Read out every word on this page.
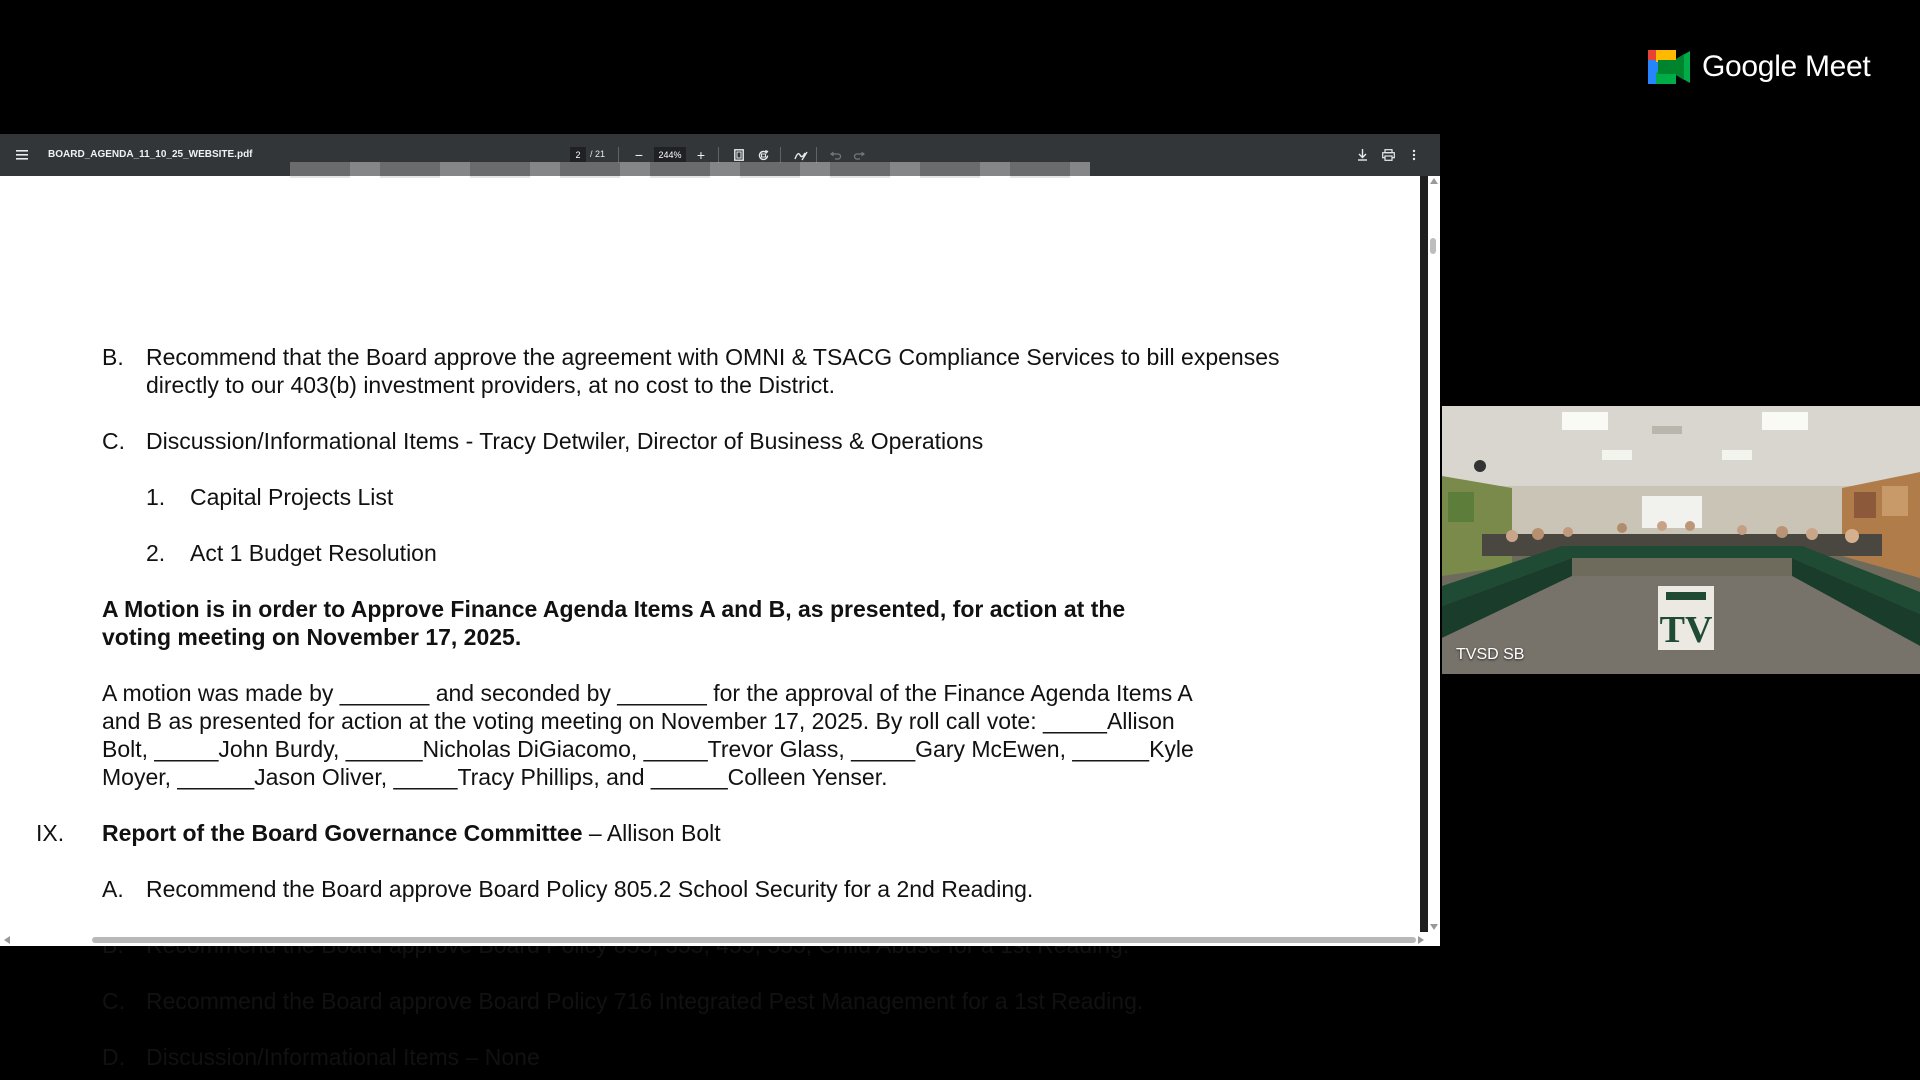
Google Meet
BOARD_AGENDA_11_10_25_WEBSITE.pdf	2	/ 21 −	244%	+
B. Recommend that the Board approve the agreement with OMNI & TSACG Compliance Services to bill expenses
directly to our 403(b) investment providers, at no cost to the District.
C. Discussion/Informational Items - Tracy Detwiler, Director of Business & Operations
1. Capital Projects List
2. Act 1 Budget Resolution
A Motion is in order to Approve Finance Agenda Items A and B, as presented, for action at the
voting meeting on November 17, 2025.
A motion was made by _______ and seconded by _______ for the approval of the Finance Agenda Items A
and B as presented for action at the voting meeting on November 17, 2025. By roll call vote: _____Allison
Bolt, _____John Burdy, ______Nicholas DiGiacomo, _____Trevor Glass, _____Gary McEwen, ______Kyle
Moyer, ______Jason Oliver, _____Tracy Phillips, and ______Colleen Yenser.
IX. Report of the Board Governance Committee – Allison Bolt
A. Recommend the Board approve Board Policy 805.2 School Security for a 2nd Reading.
C. Recommend the Board approve Board Policy 716 Integrated Pest Management for a 1st Reading.
D. Discussion/Informational Items – None
TV
TVSD SB
